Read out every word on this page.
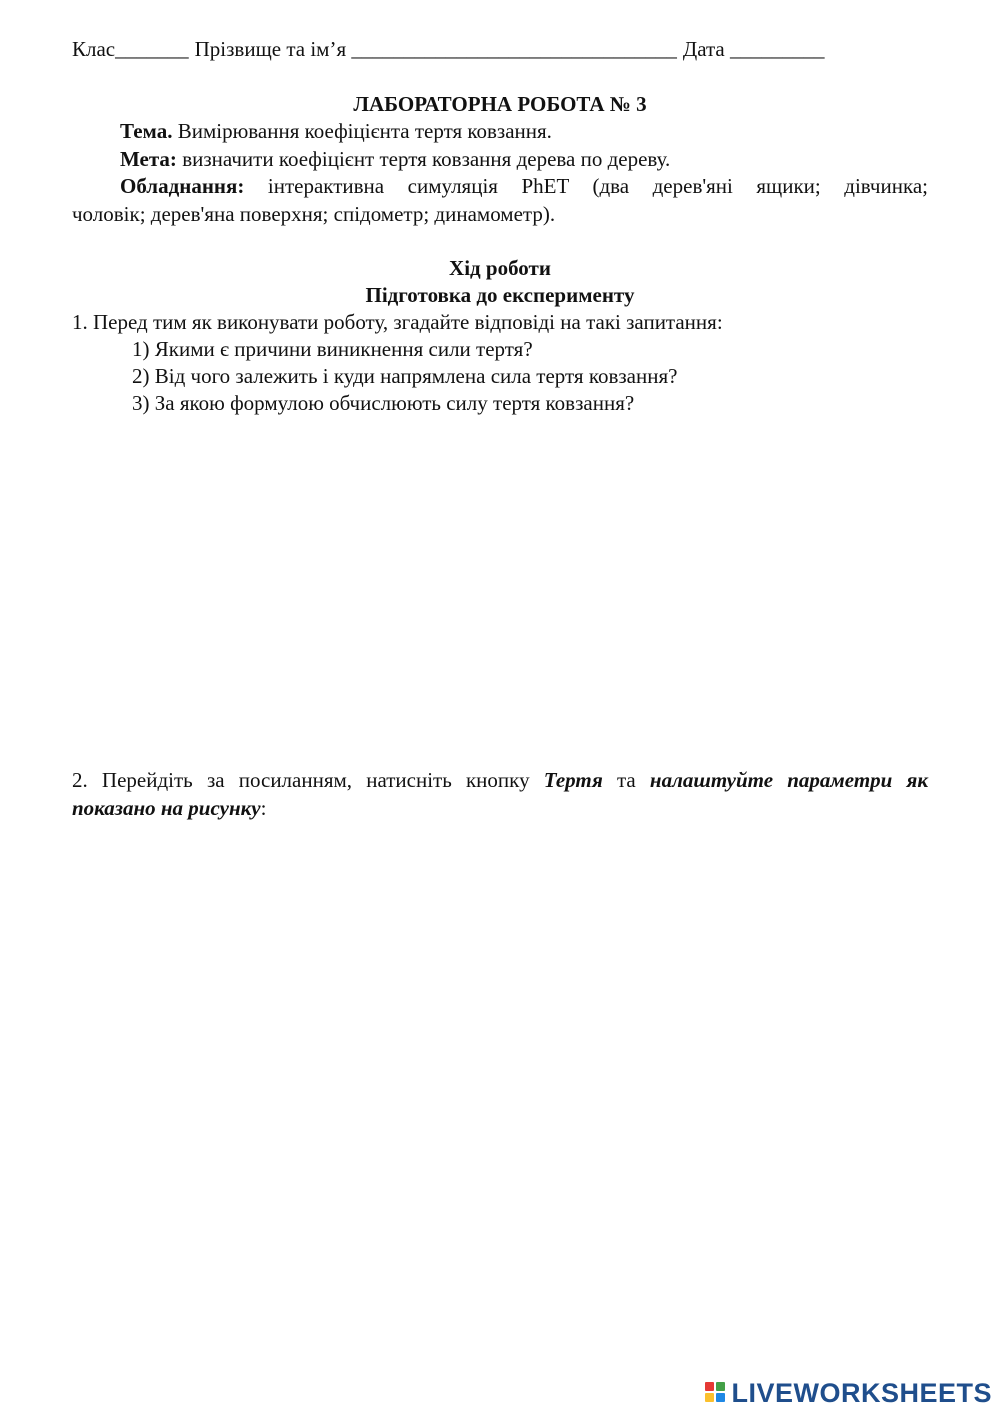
Клас_______ Прізвище та ім’я _______________________________ Дата _________
ЛАБОРАТОРНА РОБОТА № 3
Тема. Вимірювання коефіцієнта тертя ковзання.
Мета: визначити коефіцієнт тертя ковзання дерева по дереву.
Обладнання: інтерактивна симуляція PhET (два дерев'яні ящики; дівчинка;
чоловік; дерев'яна поверхня; спідометр; динамометр).
Хід роботи
Підготовка до експерименту
1. Перед тим як виконувати роботу, згадайте відповіді на такі запитання:
1) Якими є причини виникнення сили тертя?
2) Від чого залежить і куди напрямлена сила тертя ковзання?
3) За якою формулою обчислюють силу тертя ковзання?
2. Перейдіть за посиланням, натисніть кнопку Тертя та налаштуйте параметри як
показано на рисунку:
LIVEWORKSHEETS
